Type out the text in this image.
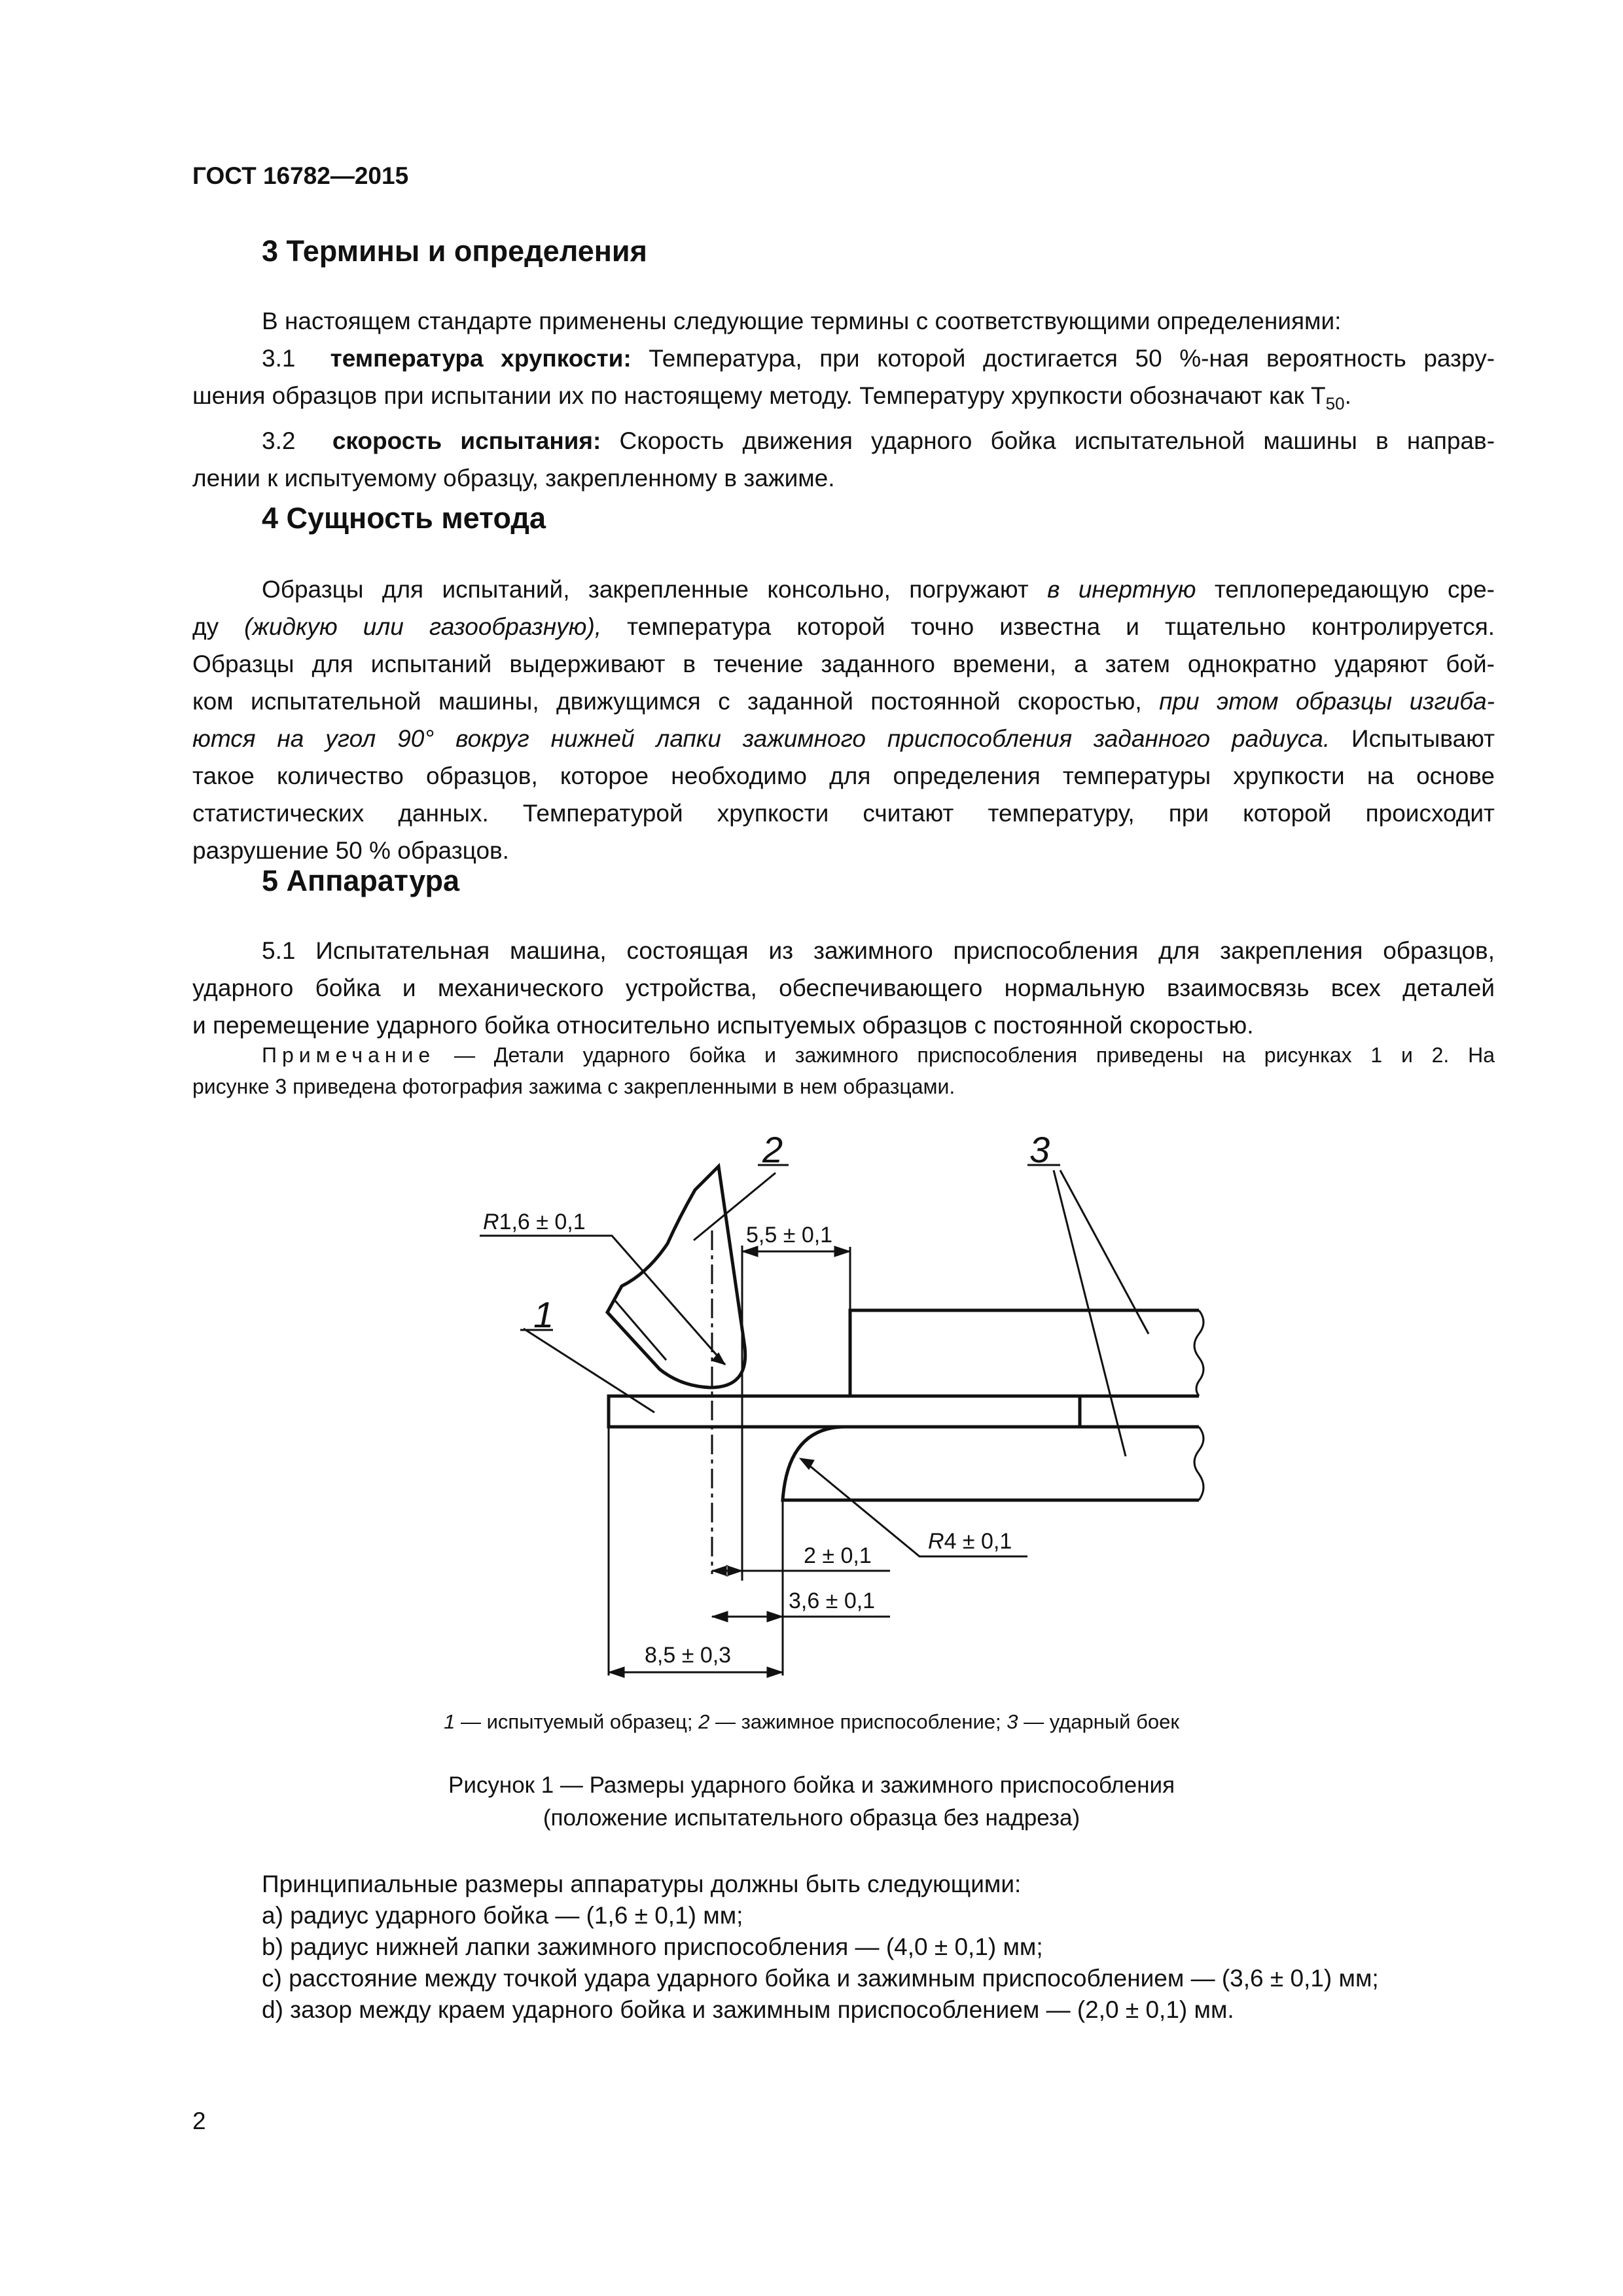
ГОСТ 16782—2015
3 Термины и определения
В настоящем стандарте применены следующие термины с соответствующими определениями:
3.1 температура хрупкости: Температура, при которой достигается 50 %-ная вероятность разру-
шения образцов при испытании их по настоящему методу. Температуру хрупкости обозначают как $Т_{50}$.
3.2 скорость испытания: Скорость движения ударного бойка испытательной машины в направ-
лении к испытуемому образцу, закрепленному в зажиме.
4 Сущность метода
Образцы для испытаний, закрепленные консольно, погружают в инертную теплопередающую сре-
ду (жидкую или газообразную), температура которой точно известна и тщательно контролируется.
Образцы для испытаний выдерживают в течение заданного времени, а затем однократно ударяют бой-
ком испытательной машины, движущимся с заданной постоянной скоростью, при этом образцы изгиба-
ются на угол 90° вокруг нижней лапки зажимного приспособления заданного радиуса. Испытывают
такое количество образцов, которое необходимо для определения температуры хрупкости на основе
статистических данных. Температурой хрупкости считают температуру, при которой происходит
разрушение 50 % образцов.
5 Аппаратура
5.1 Испытательная машина, состоящая из зажимного приспособления для закрепления образцов,
ударного бойка и механического устройства, обеспечивающего нормальную взаимосвязь всех деталей
и перемещение ударного бойка относительно испытуемых образцов с постоянной скоростью.
Примечание — Детали ударного бойка и зажимного приспособления приведены на рисунках 1 и 2. На
рисунке 3 приведена фотография зажима с закрепленными в нем образцами.
2	3
1
R1,6 ± 0,1
5,5 ± 0,1
R4 ± 0,1
2 ± 0,1
3,6 ± 0,1
8,5 ± 0,3
1 — испытуемый образец; 2 — зажимное приспособление; 3 — ударный боек
Рисунок 1 — Размеры ударного бойка и зажимного приспособления
(положение испытательного образца без надреза)
Принципиальные размеры аппаратуры должны быть следующими:
a) радиус ударного бойка — (1,6 ± 0,1) мм;
b) радиус нижней лапки зажимного приспособления — (4,0 ± 0,1) мм;
c) расстояние между точкой удара ударного бойка и зажимным приспособлением — (3,6 ± 0,1) мм;
d) зазор между краем ударного бойка и зажимным приспособлением — (2,0 ± 0,1) мм.
2
